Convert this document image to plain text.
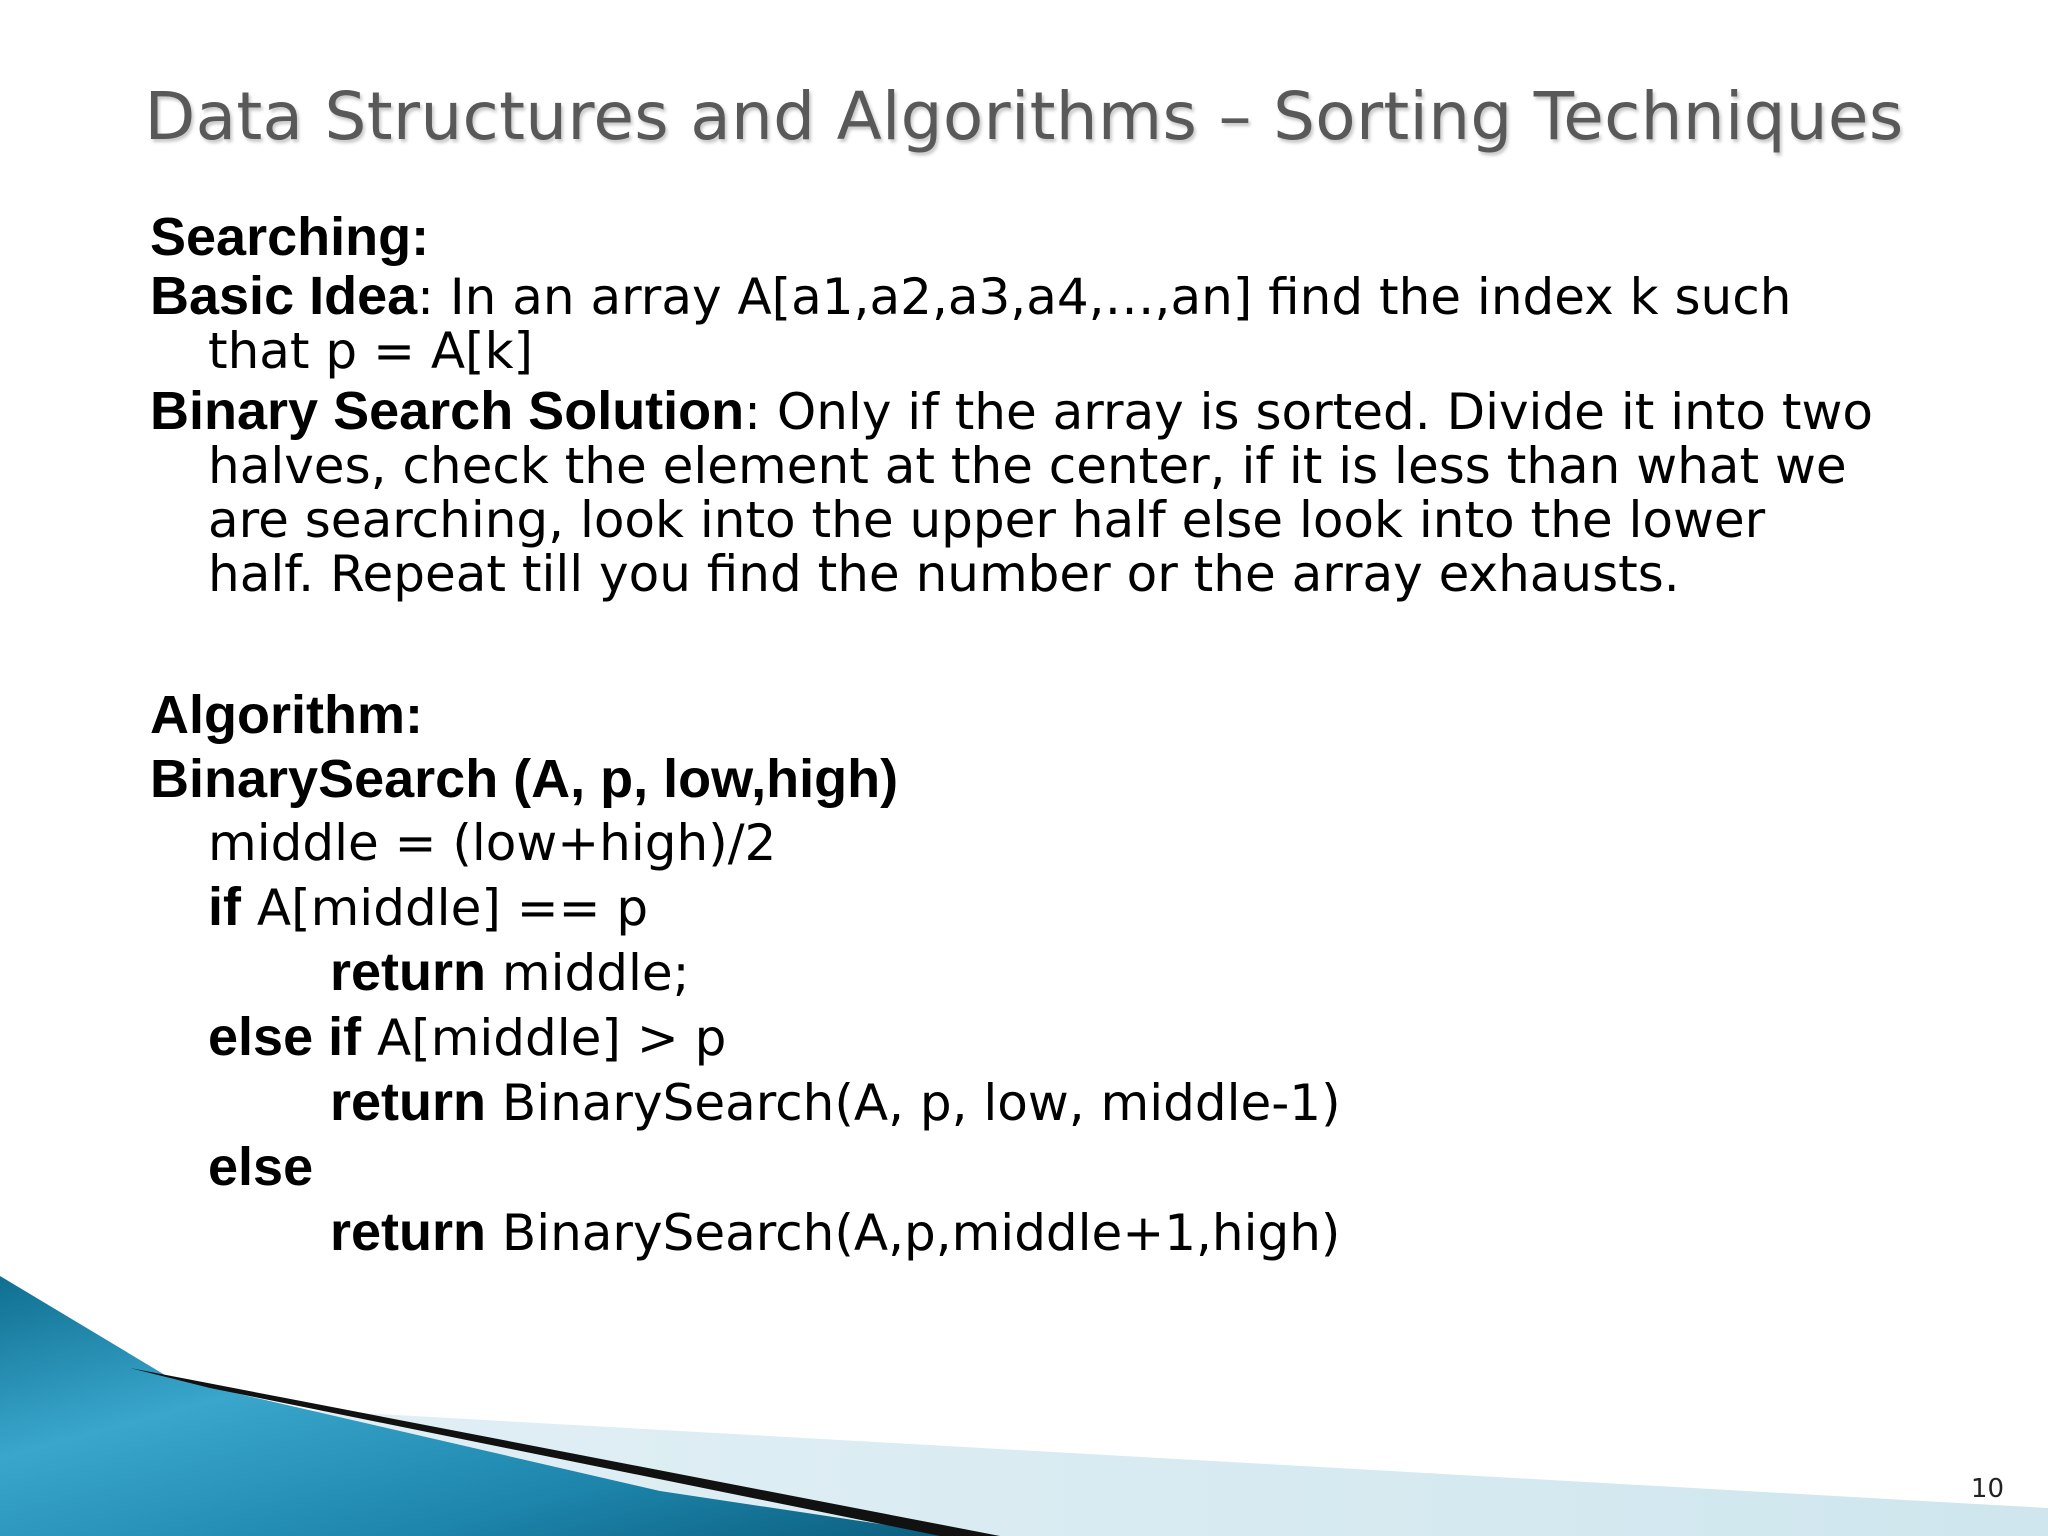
Data Structures and Algorithms – Sorting Techniques
Searching:
Basic Idea: In an array A[a1,a2,a3,a4,…,an] find the index k such
that p = A[k]
Binary Search Solution: Only if the array is sorted. Divide it into two
halves, check the element at the center, if it is less than what we
are searching, look into the upper half else look into the lower
half. Repeat till you find the number or the array exhausts.
Algorithm:
BinarySearch (A, p, low,high)
middle = (low+high)/2
if A[middle] == p
return middle;
else if A[middle] > p
return BinarySearch(A, p, low, middle-1)
else
return BinarySearch(A,p,middle+1,high)
10
